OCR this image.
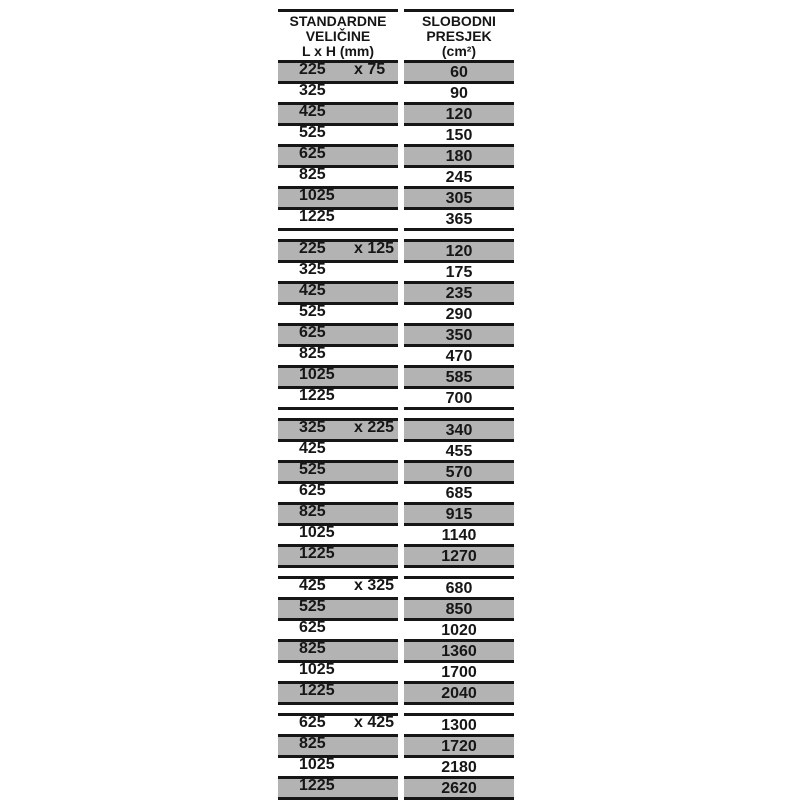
STANDARDNE
VELIČINE
L x H (mm)
SLOBODNI
PRESJEK
(cm²)
225 x 75	60
325	90
425	120
525	150
625	180
825	245
1025	305
1225	365
225 x 125	120
325	175
425	235
525	290
625	350
825	470
1025	585
1225	700
325 x 225	340
425	455
525	570
625	685
825	915
1025	1140
1225	1270
425 x 325	680
525	850
625	1020
825	1360
1025	1700
1225	2040
625 x 425	1300
825	1720
1025	2180
1225	2620
